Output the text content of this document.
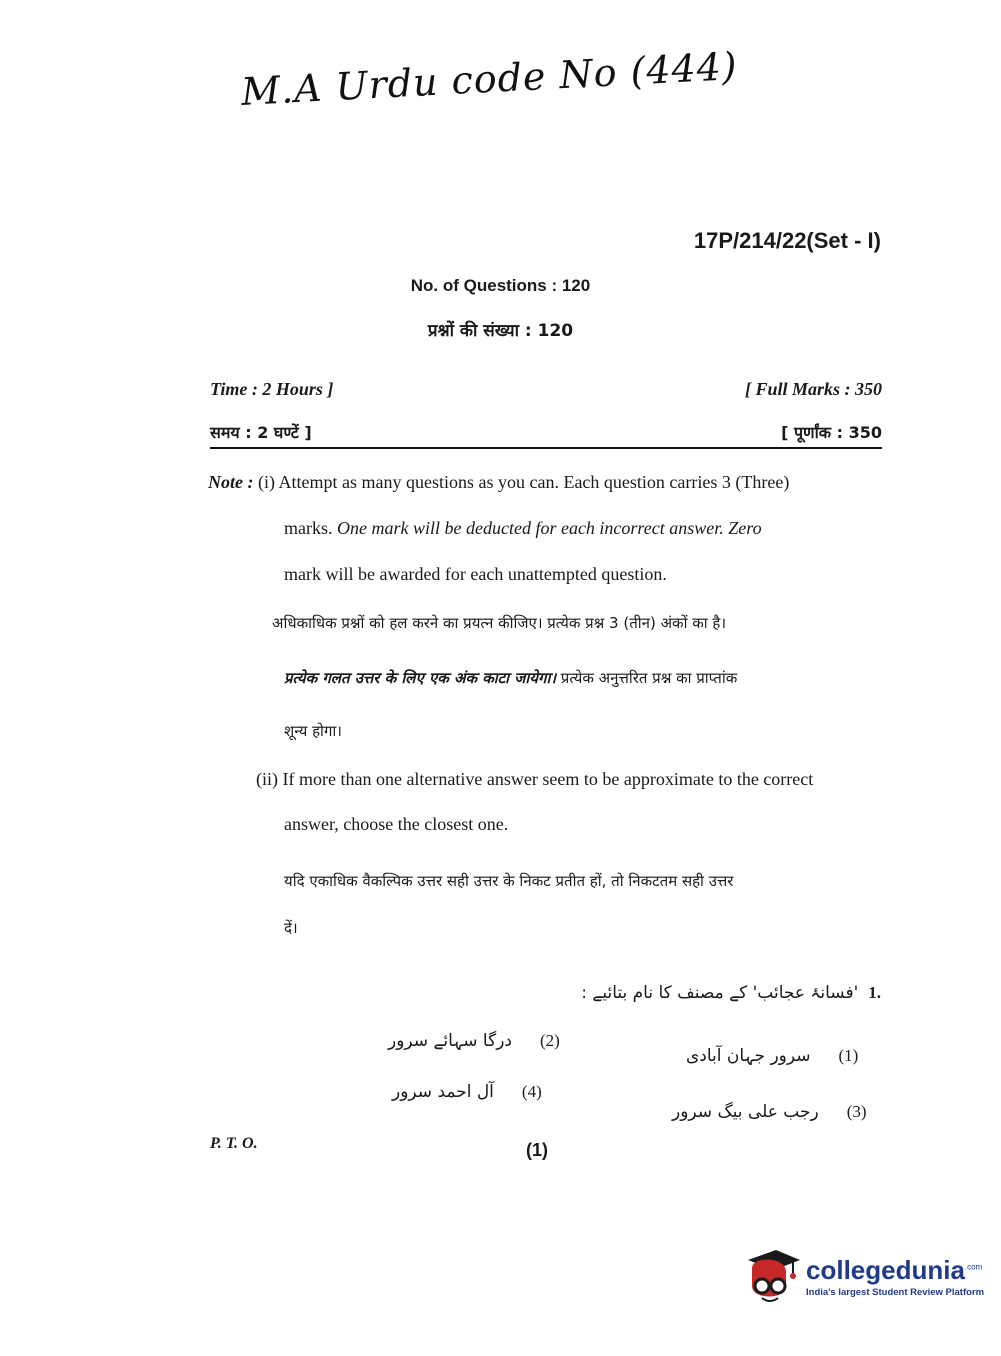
M.A Urdu code No (444)
17P/214/22(Set - I)
No. of Questions : 120
प्रश्नों की संख्या : 120
Time : 2 Hours ]	[ Full Marks : 350
समय : 2 घण्टें ]	[ पूर्णांक : 350
Note : (i) Attempt as many questions as you can. Each question carries 3 (Three)
marks. One mark will be deducted for each incorrect answer. Zero
mark will be awarded for each unattempted question.
अधिकाधिक प्रश्नों को हल करने का प्रयत्न कीजिए। प्रत्येक प्रश्न 3 (तीन) अंकों का है।
प्रत्येक गलत उत्तर के लिए एक अंक काटा जायेगा। प्रत्येक अनुत्तरित प्रश्न का प्राप्तांक
शून्य होगा।
(ii) If more than one alternative answer seem to be approximate to the correct
answer, choose the closest one.
यदि एकाधिक वैकल्पिक उत्तर सही उत्तर के निकट प्रतीत हों, तो निकटतम सही उत्तर
दें।
'فسانۂ عجائب' کے مصنف کا نام بتائیے : 1.
سرور جہان آبادی (1)
درگا سہائے سرور (2)
رجب علی بیگ سرور (3)
آل احمد سرور (4)
P. T. O.	(1)
collegedunia$^{.com}$
India's largest Student Review Platform
